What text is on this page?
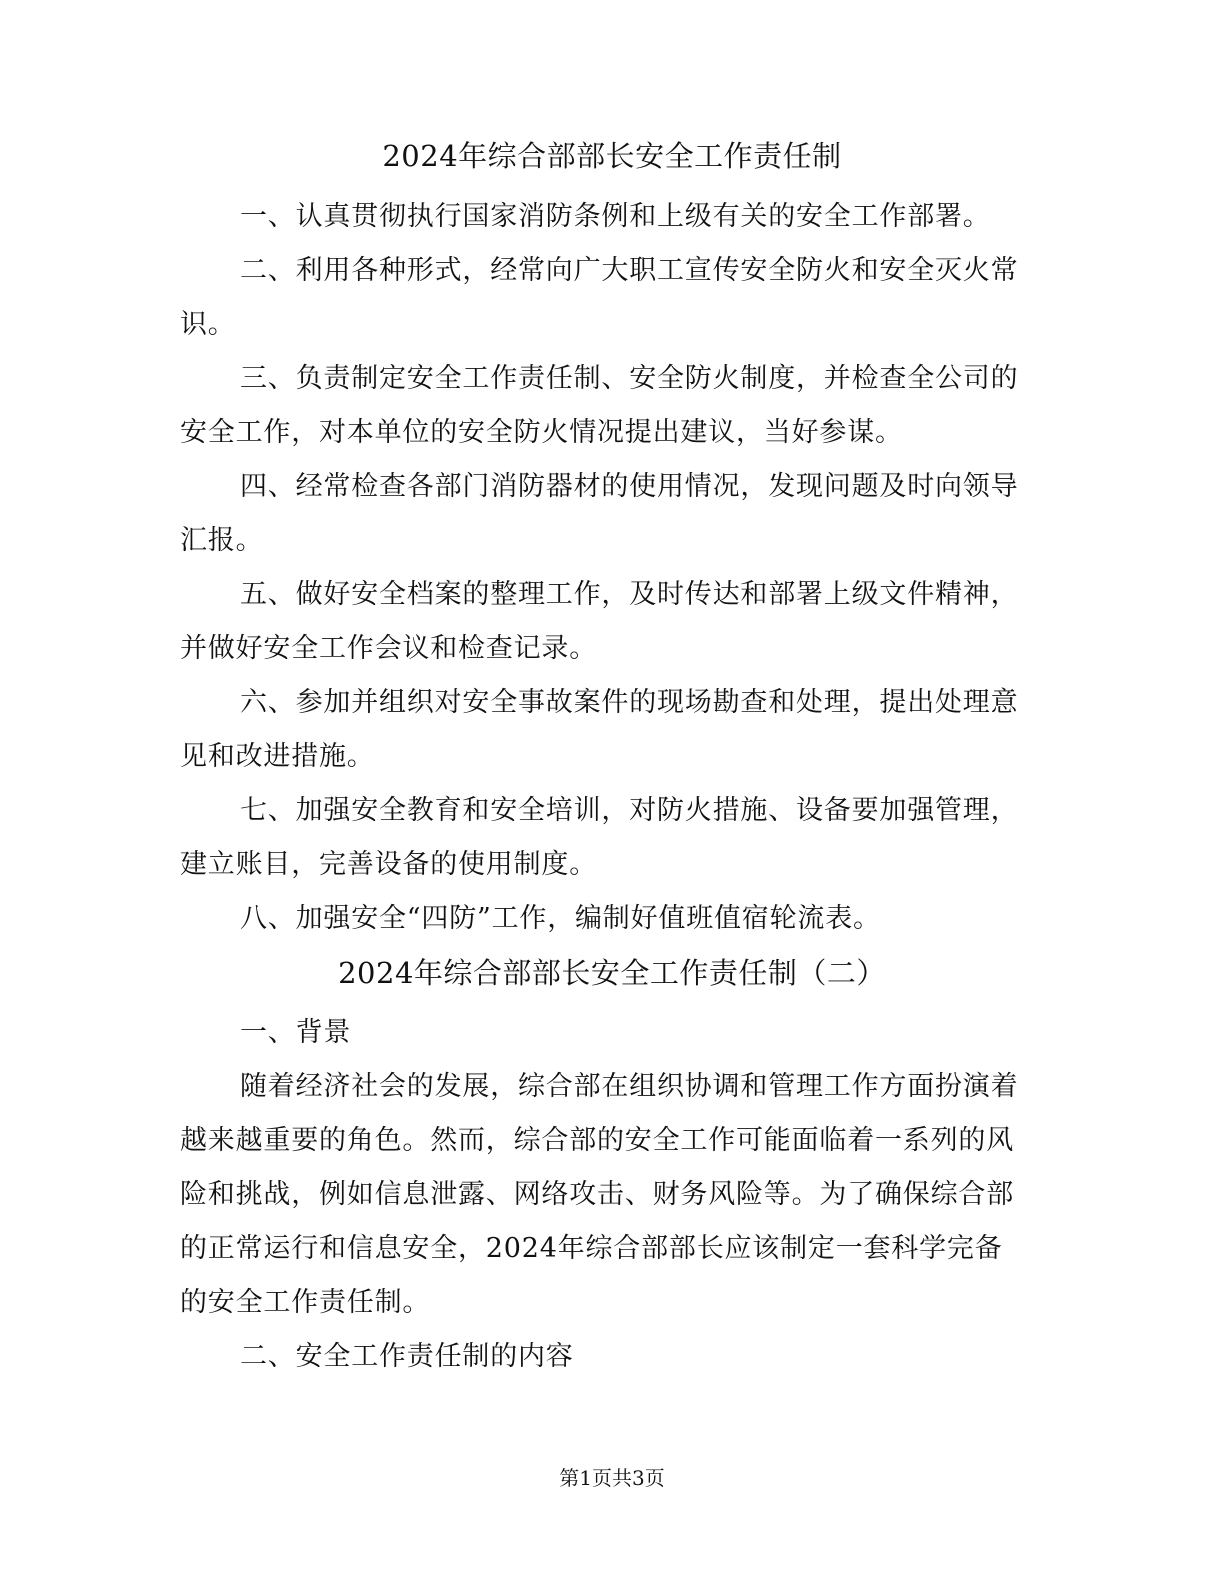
2024年综合部部长安全工作责任制

一、认真贯彻执行国家消防条例和上级有关的安全工作部署。

二、利用各种形式，经常向广大职工宣传安全防火和安全灭火常识。

三、负责制定安全工作责任制、安全防火制度，并检查全公司的安全工作，对本单位的安全防火情况提出建议，当好参谋。

四、经常检查各部门消防器材的使用情况，发现问题及时向领导汇报。

五、做好安全档案的整理工作，及时传达和部署上级文件精神，并做好安全工作会议和检查记录。

六、参加并组织对安全事故案件的现场勘查和处理，提出处理意见和改进措施。

七、加强安全教育和安全培训，对防火措施、设备要加强管理，建立账目，完善设备的使用制度。

八、加强安全“四防”工作，编制好值班值宿轮流表。

2024年综合部部长安全工作责任制（二）

一、背景

随着经济社会的发展，综合部在组织协调和管理工作方面扮演着越来越重要的角色。然而，综合部的安全工作可能面临着一系列的风险和挑战，例如信息泄露、网络攻击、财务风险等。为了确保综合部的正常运行和信息安全，2024年综合部部长应该制定一套科学完备的安全工作责任制。

二、安全工作责任制的内容

第1页共3页
